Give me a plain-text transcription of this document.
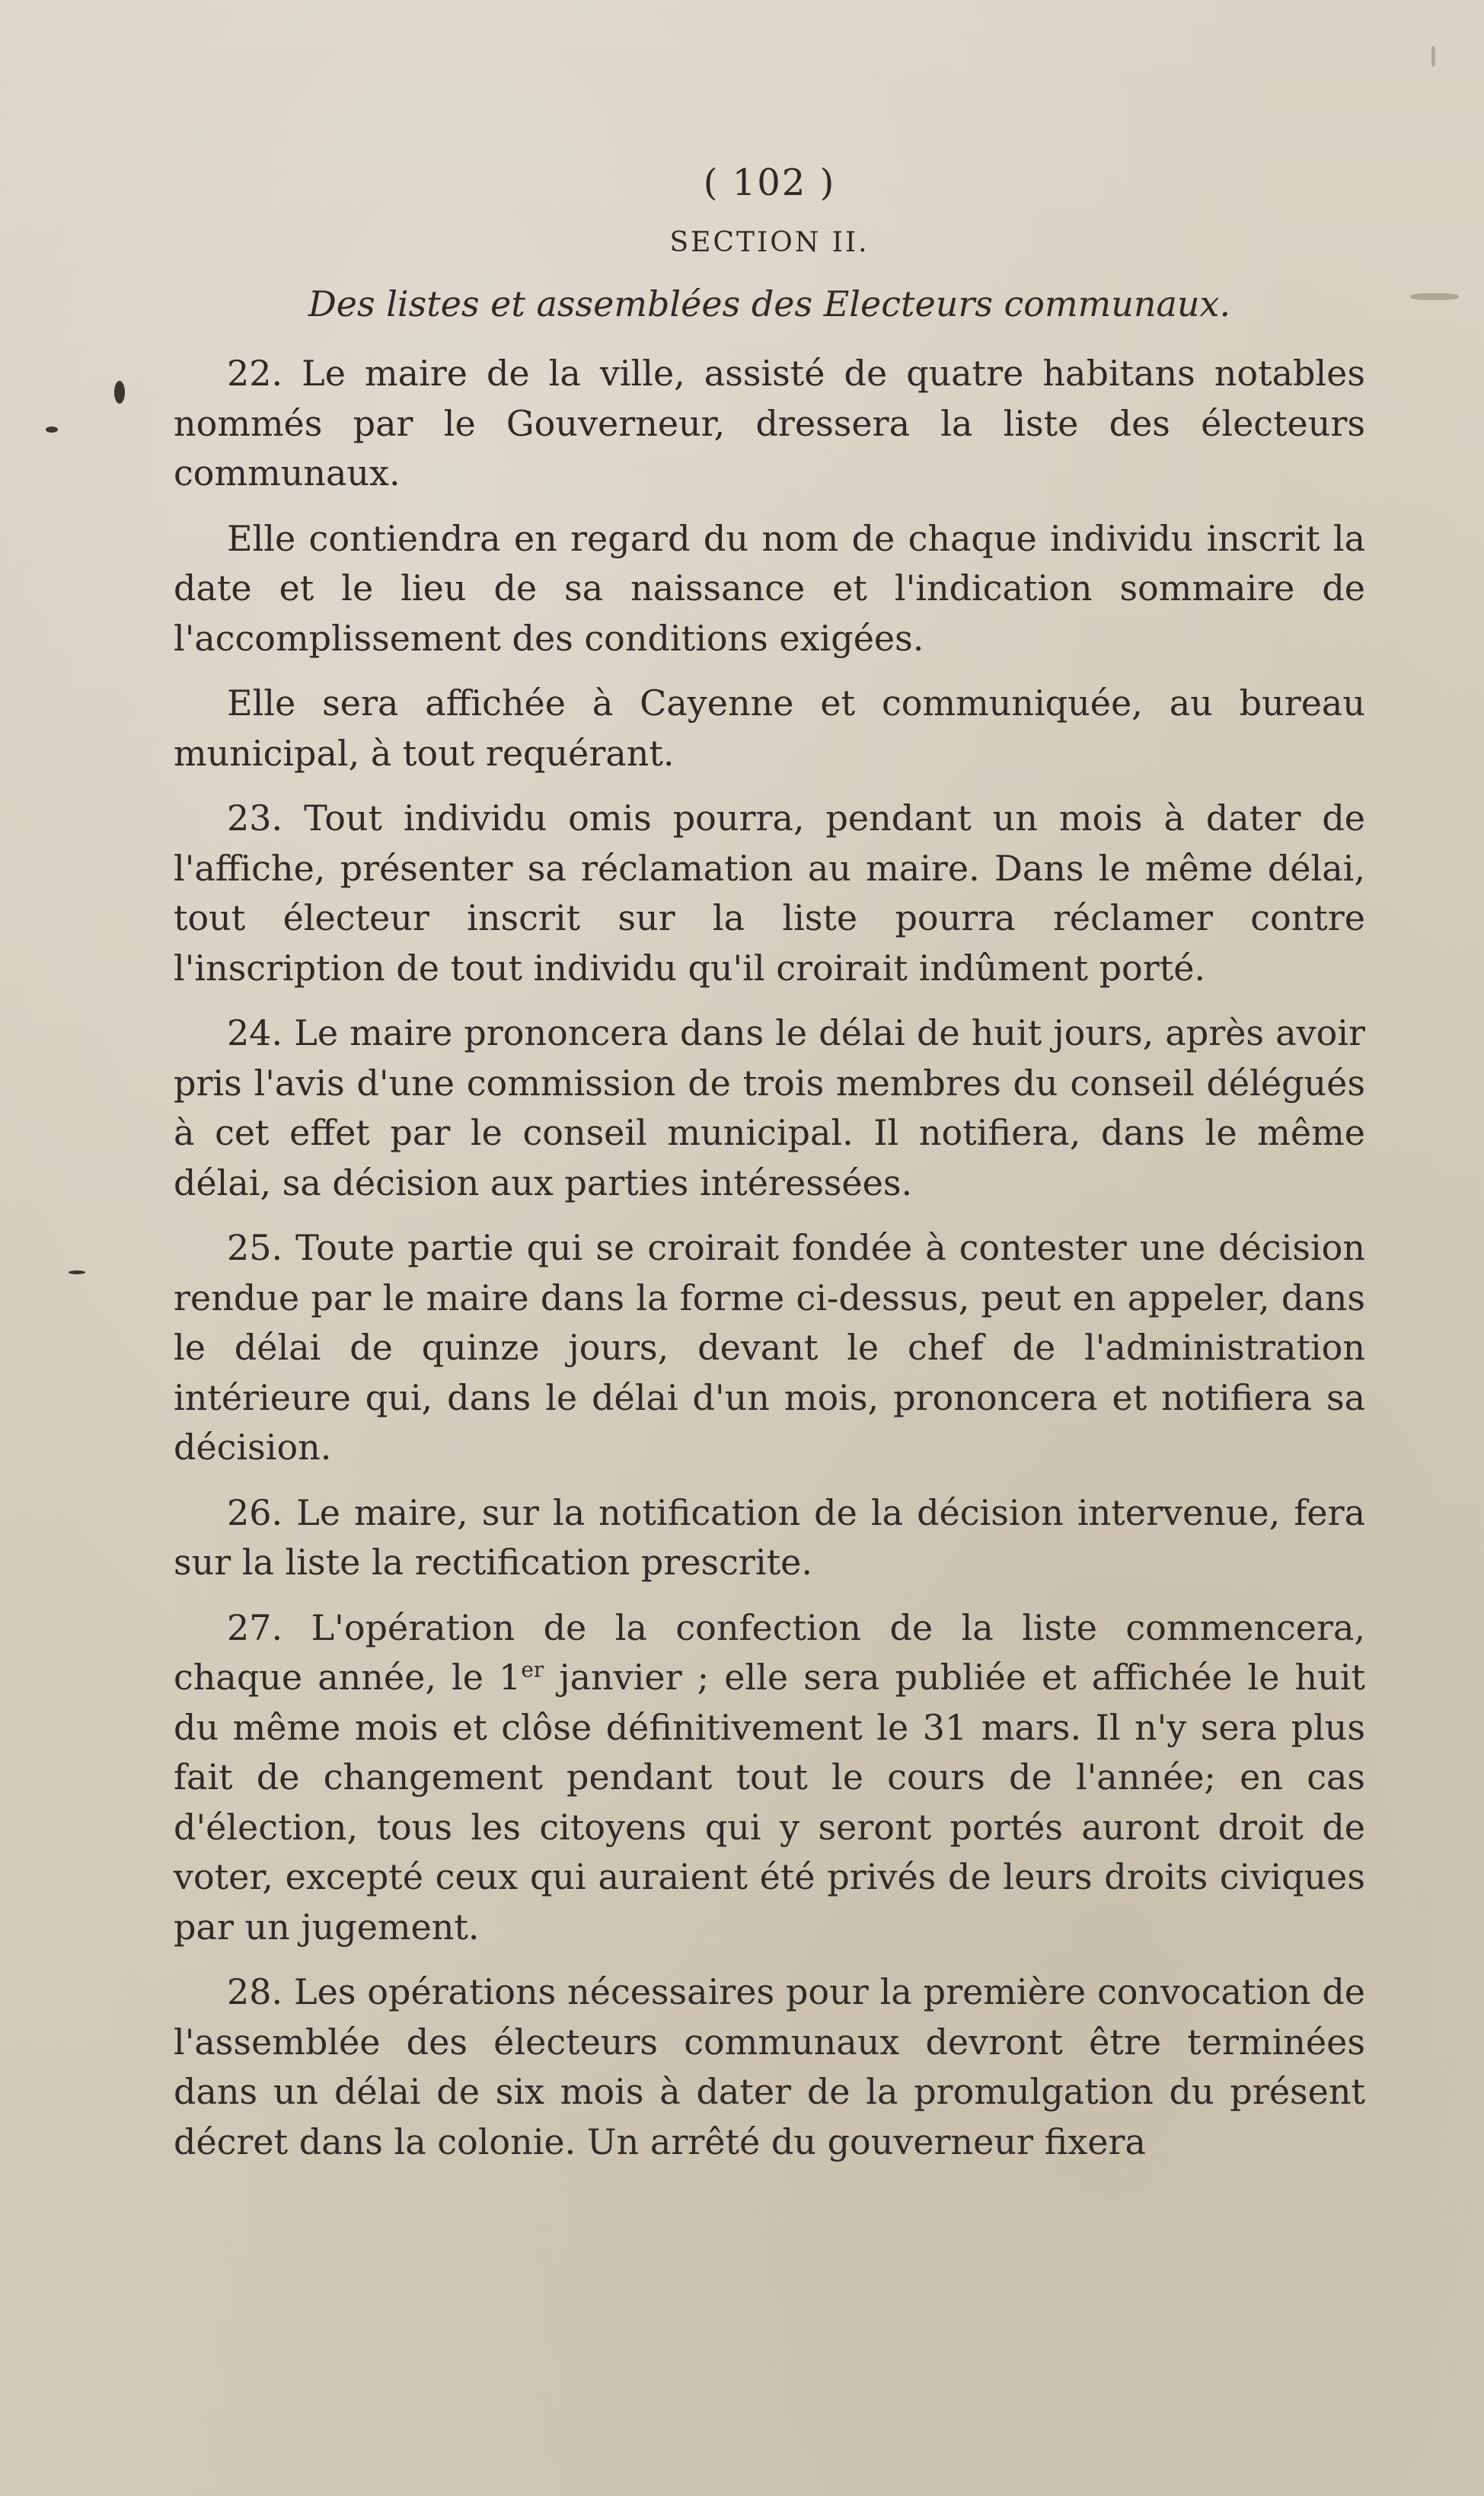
( 102 )
SECTION II.
Des listes et assemblées des Electeurs communaux.

22. Le maire de la ville, assisté de quatre habitans notables nommés par le Gouverneur, dressera la liste des électeurs communaux.

Elle contiendra en regard du nom de chaque individu inscrit la date et le lieu de sa naissance et l'indication sommaire de l'accomplissement des conditions exigées.

Elle sera affichée à Cayenne et communiquée, au bureau municipal, à tout requérant.

23. Tout individu omis pourra, pendant un mois à dater de l'affiche, présenter sa réclamation au maire. Dans le même délai, tout électeur inscrit sur la liste pourra réclamer contre l'inscription de tout individu qu'il croirait indûment porté.

24. Le maire prononcera dans le délai de huit jours, après avoir pris l'avis d'une commission de trois membres du conseil délégués à cet effet par le conseil municipal. Il notifiera, dans le même délai, sa décision aux parties intéressées.

25. Toute partie qui se croirait fondée à contester une décision rendue par le maire dans la forme ci-dessus, peut en appeler, dans le délai de quinze jours, devant le chef de l'administration intérieure qui, dans le délai d'un mois, prononcera et notifiera sa décision.

26. Le maire, sur la notification de la décision intervenue, fera sur la liste la rectification prescrite.

27. L'opération de la confection de la liste commencera, chaque année, le 1er janvier ; elle sera publiée et affichée le huit du même mois et clôse définitivement le 31 mars. Il n'y sera plus fait de changement pendant tout le cours de l'année; en cas d'élection, tous les citoyens qui y seront portés auront droit de voter, excepté ceux qui auraient été privés de leurs droits civiques par un jugement.

28. Les opérations nécessaires pour la première convocation de l'assemblée des électeurs communaux devront être terminées dans un délai de six mois à dater de la promulgation du présent décret dans la colonie. Un arrêté du gouverneur fixera
